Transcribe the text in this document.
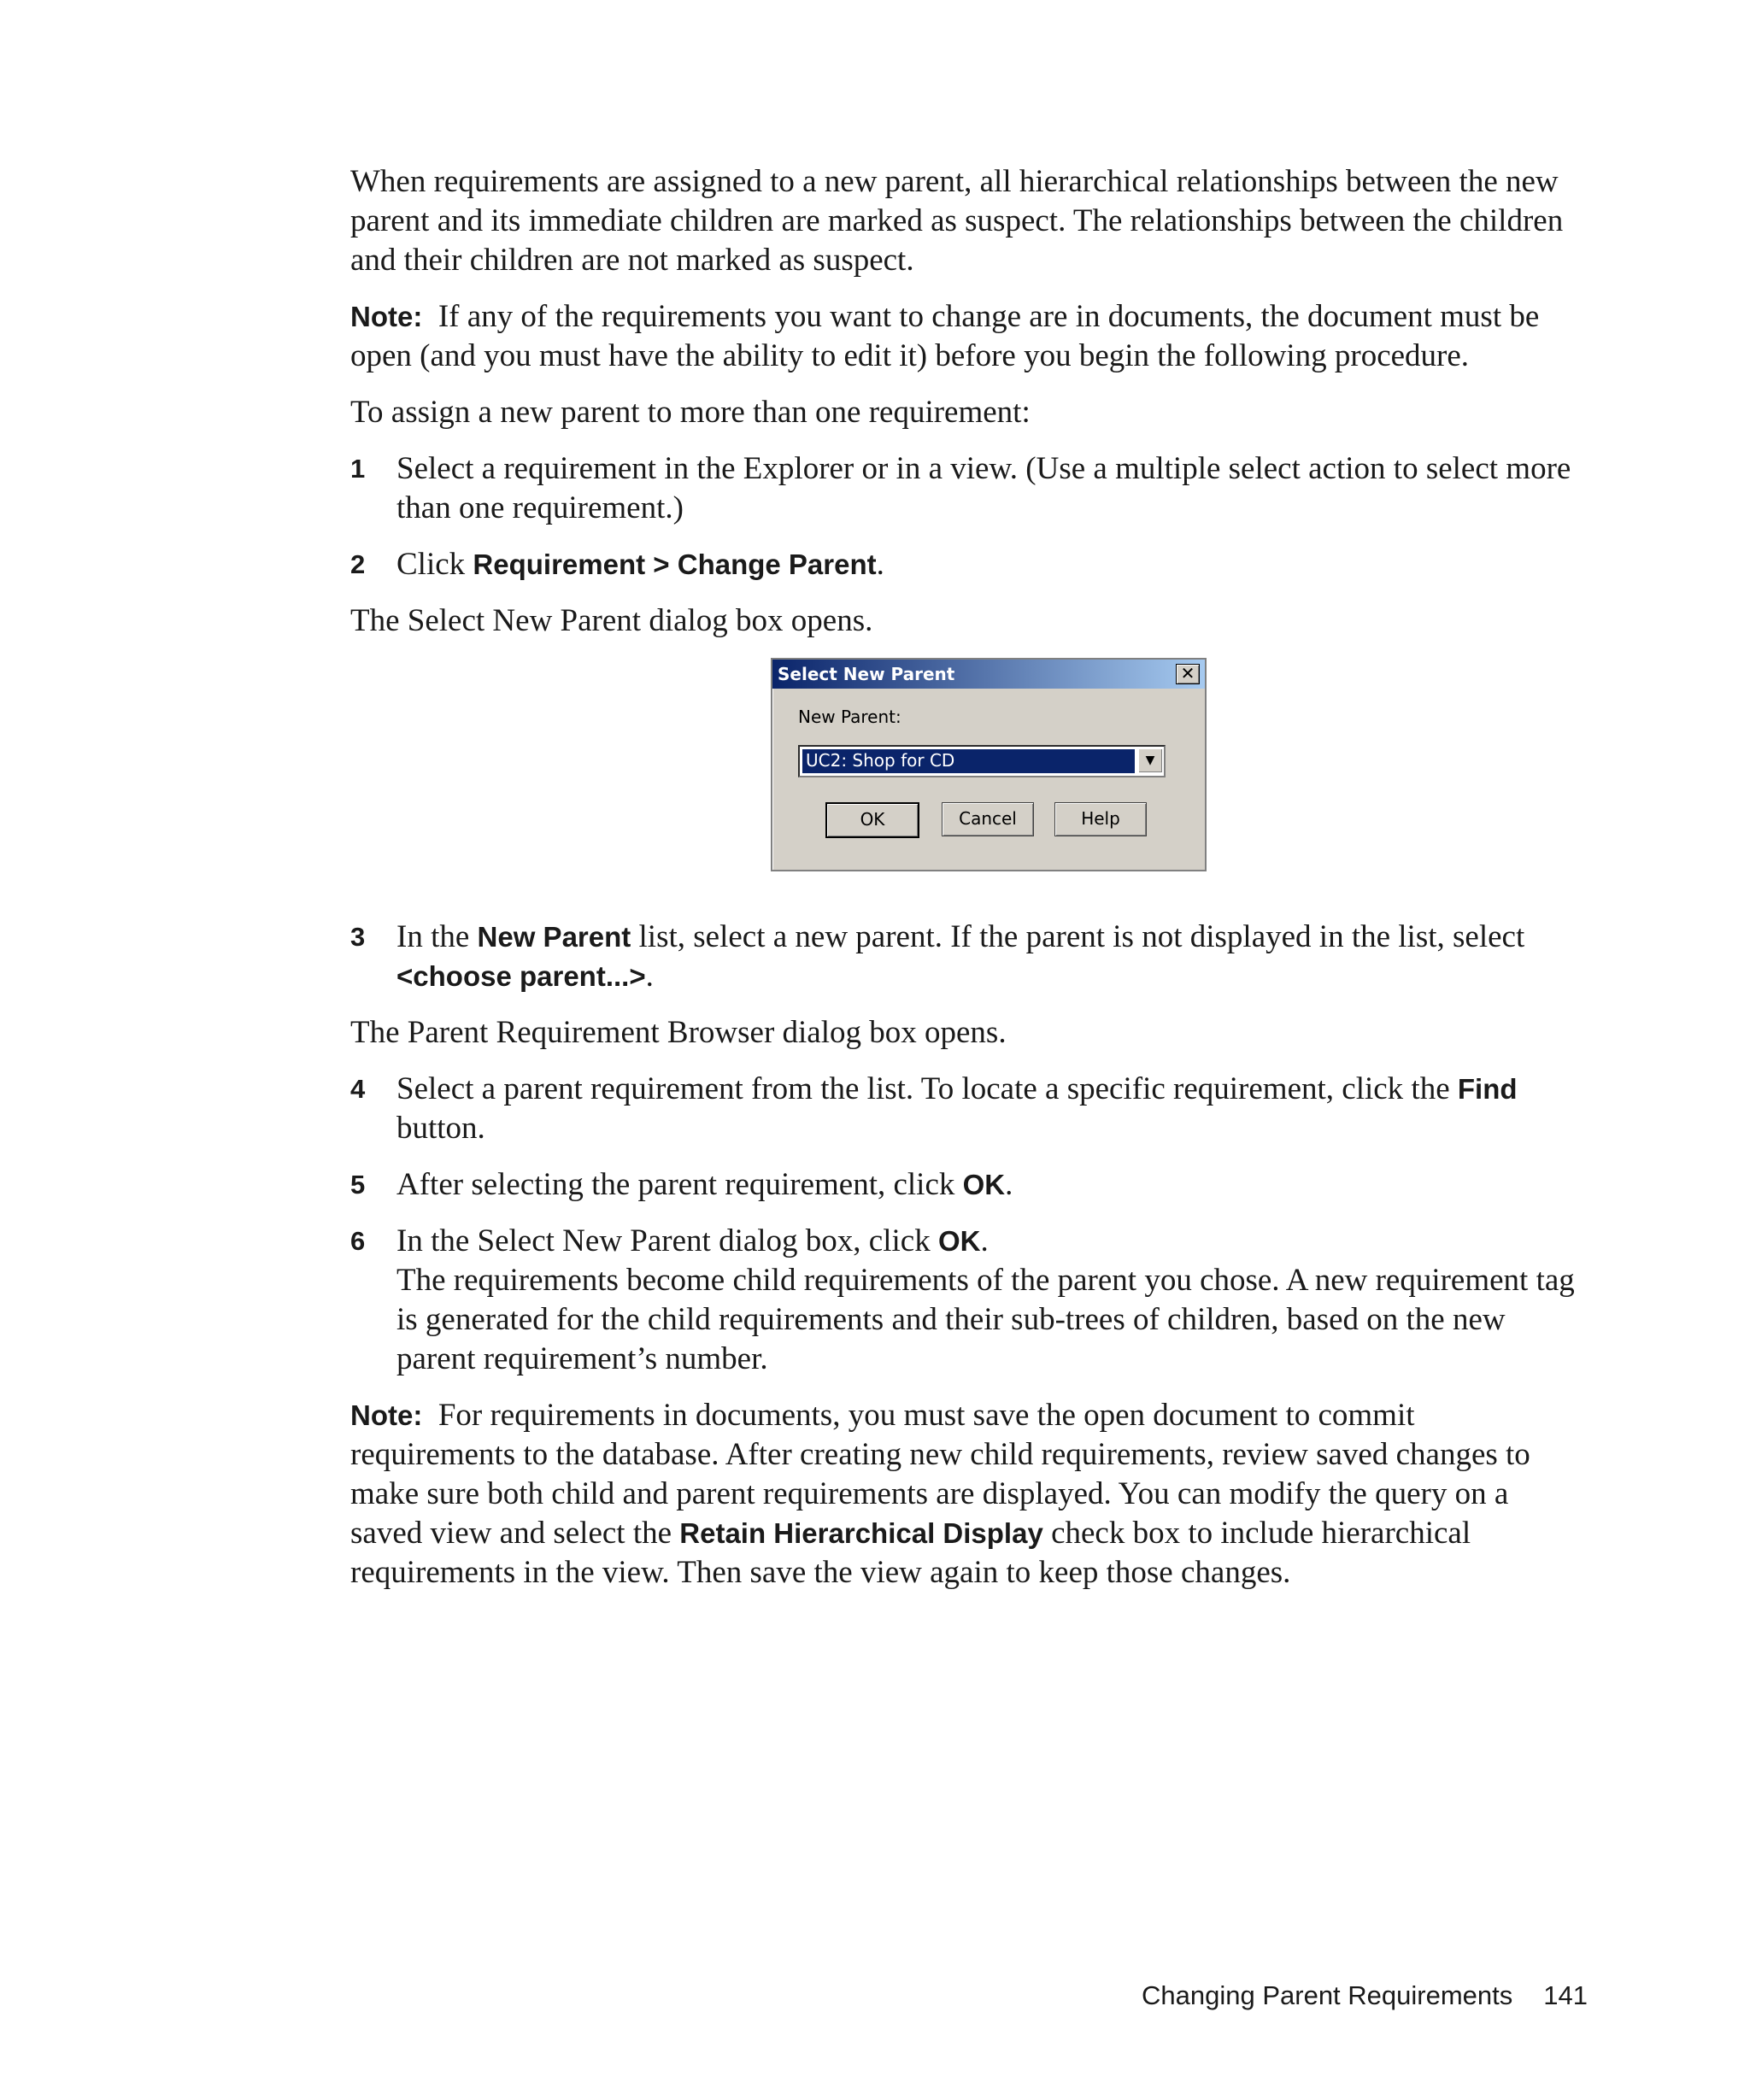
When requirements are assigned to a new parent, all hierarchical relationships between the new parent and its immediate children are marked as suspect. The relationships between the children and their children are not marked as suspect.

Note: If any of the requirements you want to change are in documents, the document must be open (and you must have the ability to edit it) before you begin the following procedure.

To assign a new parent to more than one requirement:

1 Select a requirement in the Explorer or in a view. (Use a multiple select action to select more than one requirement.)
2 Click Requirement > Change Parent.

The Select New Parent dialog box opens.

Select New Parent	✕
New Parent:
UC2: Shop for CD	▼
OK	Cancel	Help
3 In the New Parent list, select a new parent. If the parent is not displayed in the list, select <choose parent...>.

The Parent Requirement Browser dialog box opens.

4 Select a parent requirement from the list. To locate a specific requirement, click the Find button.
5 After selecting the parent requirement, click OK.
6 In the Select New Parent dialog box, click OK.
The requirements become child requirements of the parent you chose. A new requirement tag is generated for the child requirements and their sub-trees of children, based on the new parent requirement’s number.

Note: For requirements in documents, you must save the open document to commit requirements to the database. After creating new child requirements, review saved changes to make sure both child and parent requirements are displayed. You can modify the query on a saved view and select the Retain Hierarchical Display check box to include hierarchical requirements in the view. Then save the view again to keep those changes.

Changing Parent Requirements 141
